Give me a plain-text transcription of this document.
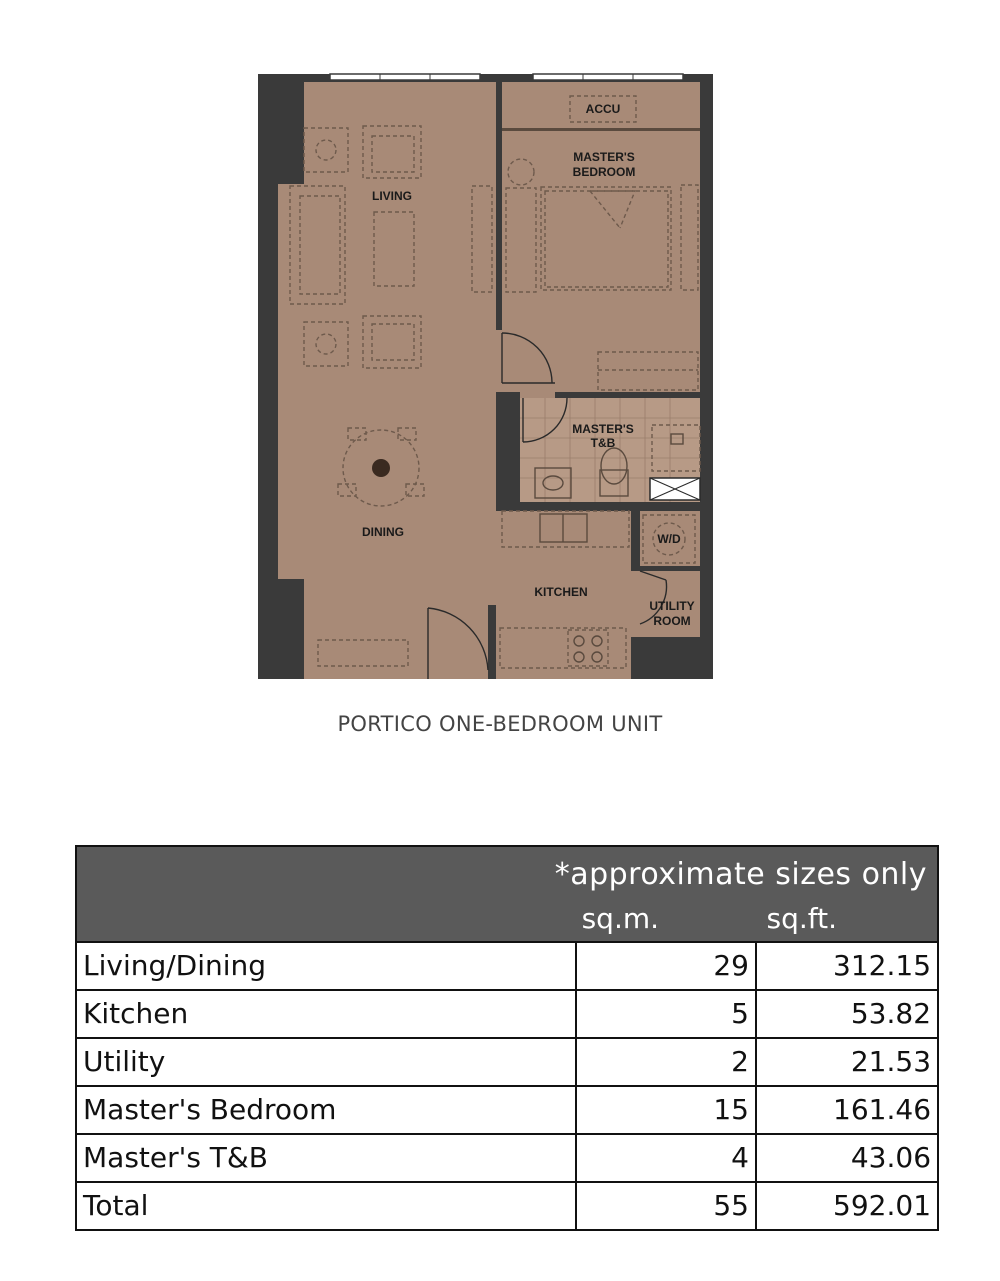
ACCU
MASTER'S
BEDROOM
LIVING
DINING
MASTER'S
T&B
KITCHEN
W/D
UTILITY
ROOM
PORTICO ONE-BEDROOM UNIT
*approximate sizes only
sq.m. sq.ft.		

Living/Dining	29	312.15
Kitchen	5	53.82
Utility	2	21.53
Master's Bedroom	15	161.46
Master's T&B	4	43.06
Total	55	592.01
